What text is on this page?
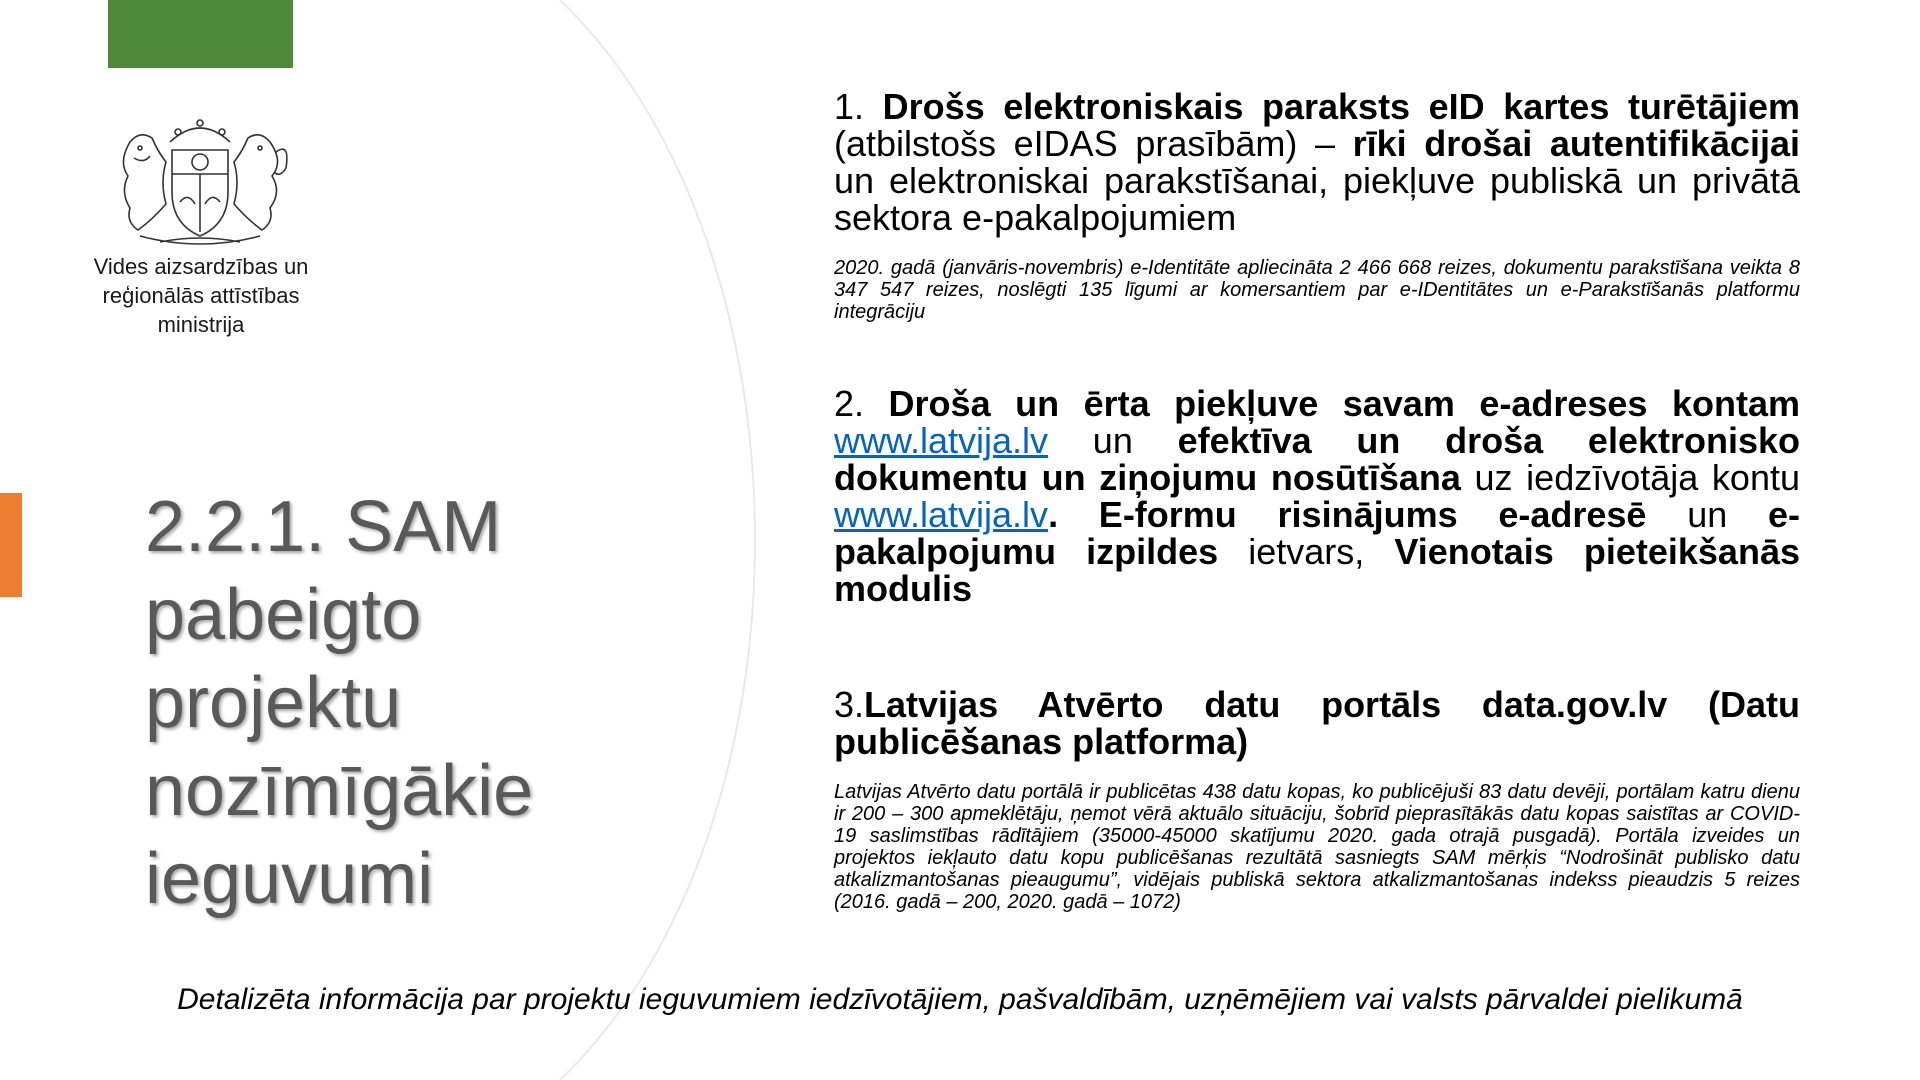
Vides aizsardzības un
reģionālās attīstības
ministrija
2.2.1. SAM
pabeigto
projektu
nozīmīgākie
ieguvumi
1. Drošs elektroniskais paraksts eID kartes turētājiem (atbilstošs eIDAS prasībām) – rīki drošai autentifikācijai un elektroniskai parakstīšanai, piekļuve publiskā un privātā sektora e-pakalpojumiem
2020. gadā (janvāris-novembris) e-Identitāte apliecināta 2 466 668 reizes, dokumentu parakstīšana veikta 8 347 547 reizes, noslēgti 135 līgumi ar komersantiem par e-IDentitātes un e-Parakstīšanās platformu integrāciju
2. Droša un ērta piekļuve savam e-adreses kontam www.latvija.lv un efektīva un droša elektronisko dokumentu un ziņojumu nosūtīšana uz iedzīvotāja kontu www.latvija.lv. E-formu risinājums e-adresē un e-pakalpojumu izpildes ietvars, Vienotais pieteikšanās modulis
3.Latvijas Atvērto datu portāls data.gov.lv (Datu publicēšanas platforma)
Latvijas Atvērto datu portālā ir publicētas 438 datu kopas, ko publicējuši 83 datu devēji, portālam katru dienu ir 200 – 300 apmeklētāju, ņemot vērā aktuālo situāciju, šobrīd pieprasītākās datu kopas saistītas ar COVID-19 saslimstības rādītājiem (35000-45000 skatījumu 2020. gada otrajā pusgadā). Portāla izveides un projektos iekļauto datu kopu publicēšanas rezultātā sasniegts SAM mērķis “Nodrošināt publisko datu atkalizmantošanas pieaugumu”, vidējais publiskā sektora atkalizmantošanas indekss pieaudzis 5 reizes (2016. gadā – 200, 2020. gadā – 1072)
Detalizēta informācija par projektu ieguvumiem iedzīvotājiem, pašvaldībām, uzņēmējiem vai valsts pārvaldei pielikumā
